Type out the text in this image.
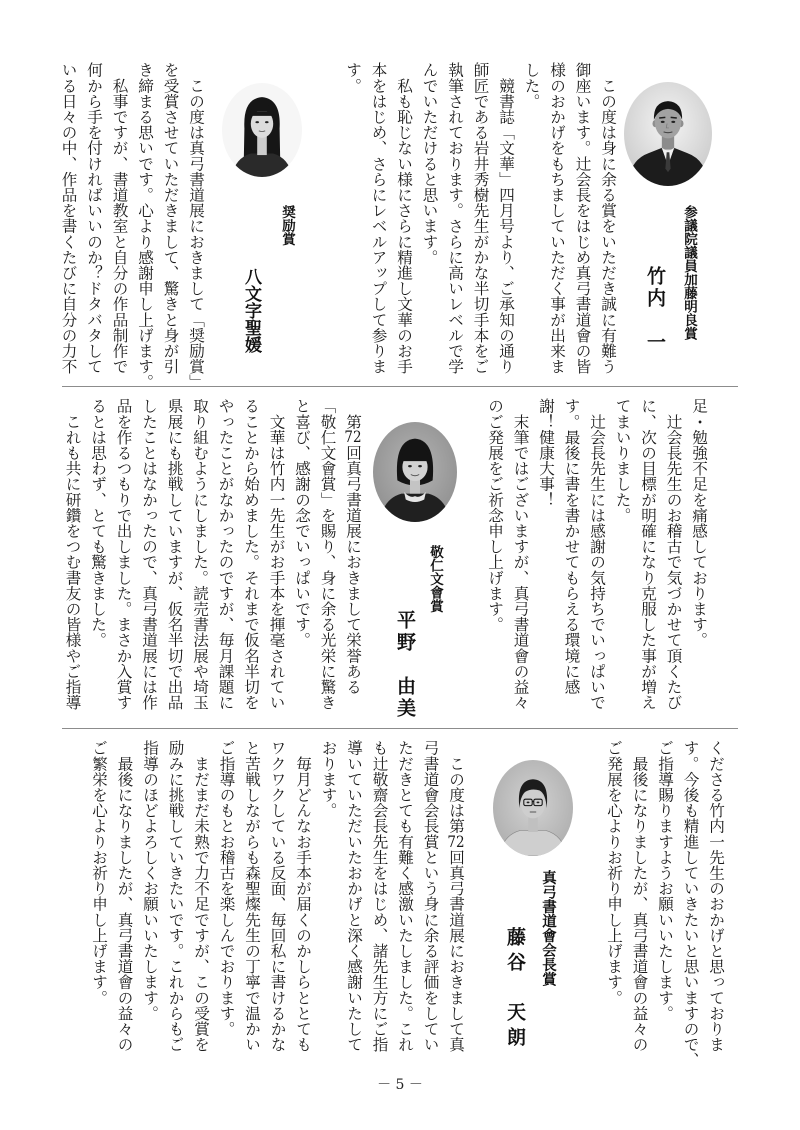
参議院議員加藤明良賞
竹内　一
　この度は身に余る賞をいただき誠に有難う
御座います。辻会長をはじめ真弓書道會の皆
様のおかげをもちましていただく事が出来ま
した。
　競書誌「文華」四月号より、ご承知の通り
師匠である岩井秀樹先生がかな半切手本をご
執筆されております。さらに高いレベルで学
んでいただけると思います。
　私も恥じない様にさらに精進し文華のお手
本をはじめ、さらにレベルアップして参りま
す。
奨励賞
八文字聖媛
　この度は真弓書道展におきまして「奨励賞」
を受賞させていただきまして、驚きと身が引
き締まる思いです。心より感謝申し上げます。
　私事ですが、書道教室と自分の作品制作で
何から手を付ければいいのか？ドタバタして
いる日々の中、作品を書くたびに自分の力不
足・勉強不足を痛感しております。
　辻会長先生のお稽古で気づかせて頂くたび
に、次の目標が明確になり克服した事が増え
てまいりました。
　辻会長先生には感謝の気持ちでいっぱいで
す。最後に書を書かせてもらえる環境に感
謝！健康大事！
　末筆ではございますが、真弓書道會の益々
のご発展をご祈念申し上げます。
敬仁文會賞
平野　由美
　第72回真弓書道展におきまして栄誉ある
「敬仁文會賞」を賜り、身に余る光栄に驚き
と喜び、感謝の念でいっぱいです。
　文華は竹内一先生がお手本を揮毫されてい
ることから始めました。それまで仮名半切を
やったことがなかったのですが、毎月課題に
取り組むようにしました。読売書法展や埼玉
県展にも挑戦していますが、仮名半切で出品
したことはなかったので、真弓書道展には作
品を作るつもりで出しました。まさか入賞す
るとは思わず、とても驚きました。
　これも共に研鑽をつむ書友の皆様やご指導
くださる竹内一先生のおかげと思っておりま
す。今後も精進していきたいと思いますので、
ご指導賜りますようお願いいたします。
　最後になりましたが、真弓書道會の益々の
ご発展を心よりお祈り申し上げます。
真弓書道會会長賞
藤谷　天朗
　この度は第72回真弓書道展におきまして真
弓書道會会長賞という身に余る評価をしてい
ただきとても有難く感激いたしました。これ
も辻敬齋会長先生をはじめ、諸先生方にご指
導いていただいたおかげと深く感謝いたして
おります。
　毎月どんなお手本が届くのかしらととても
ワクワクしている反面、毎回私に書けるかな
と苦戦しながらも森聖燦先生の丁寧で温かい
ご指導のもとお稽古を楽しんでおります。
　まだまだ未熟で力不足ですが、この受賞を
励みに挑戦していきたいです。これからもご
指導のほどよろしくお願いいたします。
　最後になりましたが、真弓書道會の益々の
ご繁栄を心よりお祈り申し上げます。
－ 5 －
